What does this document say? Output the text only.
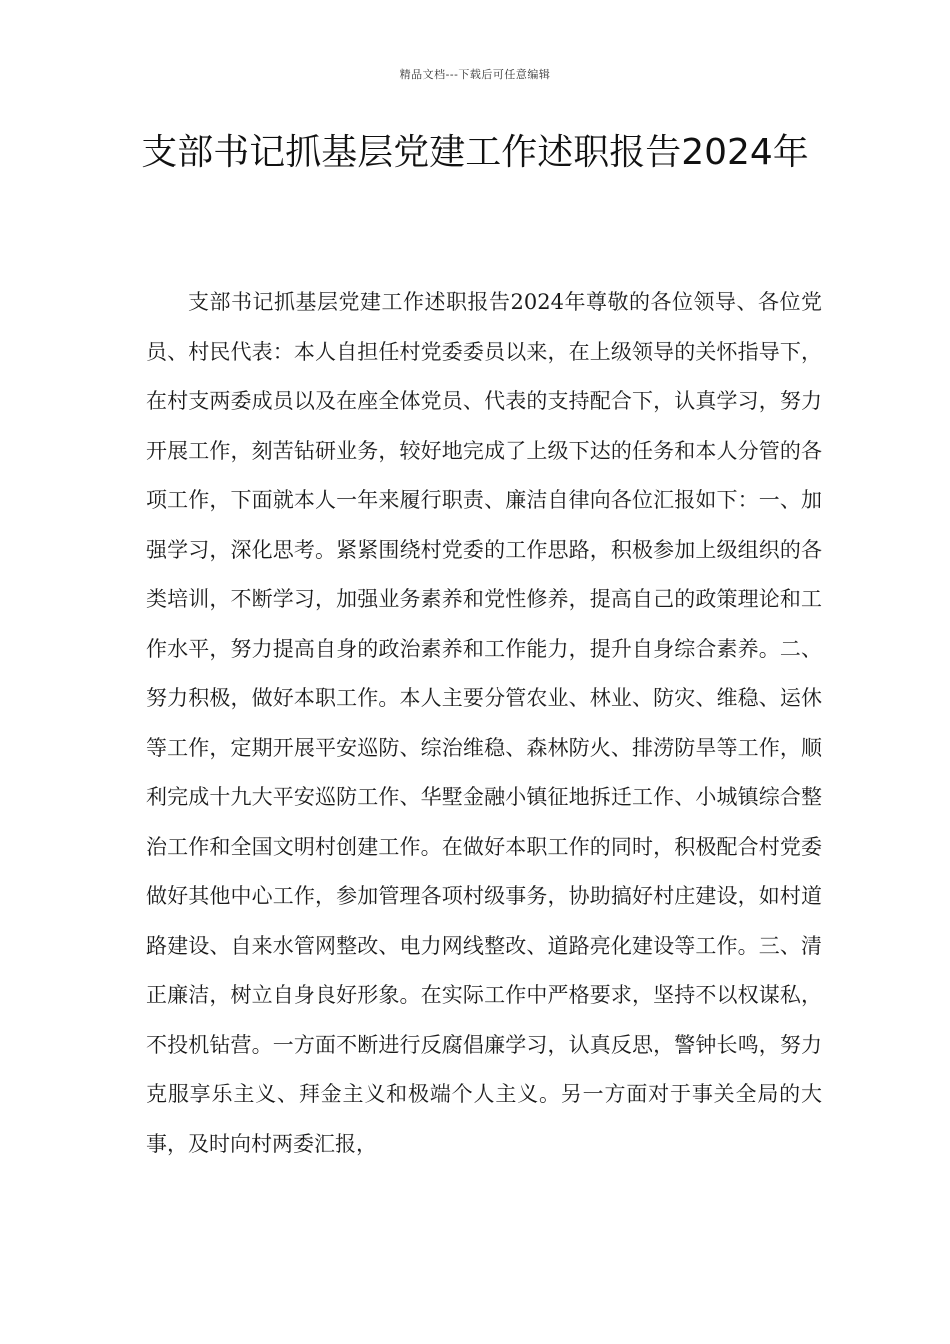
精品文档---下载后可任意编辑
支部书记抓基层党建工作述职报告2024年

支部书记抓基层党建工作述职报告2024年尊敬的各位领导、各位党员、村民代表：本人自担任村党委委员以来，在上级领导的关怀指导下，在村支两委成员以及在座全体党员、代表的支持配合下，认真学习，努力开展工作，刻苦钻研业务，较好地完成了上级下达的任务和本人分管的各项工作，下面就本人一年来履行职责、廉洁自律向各位汇报如下：一、加强学习，深化思考。紧紧围绕村党委的工作思路，积极参加上级组织的各类培训，不断学习，加强业务素养和党性修养，提高自己的政策理论和工作水平，努力提高自身的政治素养和工作能力，提升自身综合素养。二、努力积极，做好本职工作。本人主要分管农业、林业、防灾、维稳、运休等工作，定期开展平安巡防、综治维稳、森林防火、排涝防旱等工作，顺利完成十九大平安巡防工作、华墅金融小镇征地拆迁工作、小城镇综合整治工作和全国文明村创建工作。在做好本职工作的同时，积极配合村党委做好其他中心工作，参加管理各项村级事务，协助搞好村庄建设，如村道路建设、自来水管网整改、电力网线整改、道路亮化建设等工作。三、清正廉洁，树立自身良好形象。在实际工作中严格要求，坚持不以权谋私，不投机钻营。一方面不断进行反腐倡廉学习，认真反思，警钟长鸣，努力克服享乐主义、拜金主义和极端个人主义。另一方面对于事关全局的大事，及时向村两委汇报，
